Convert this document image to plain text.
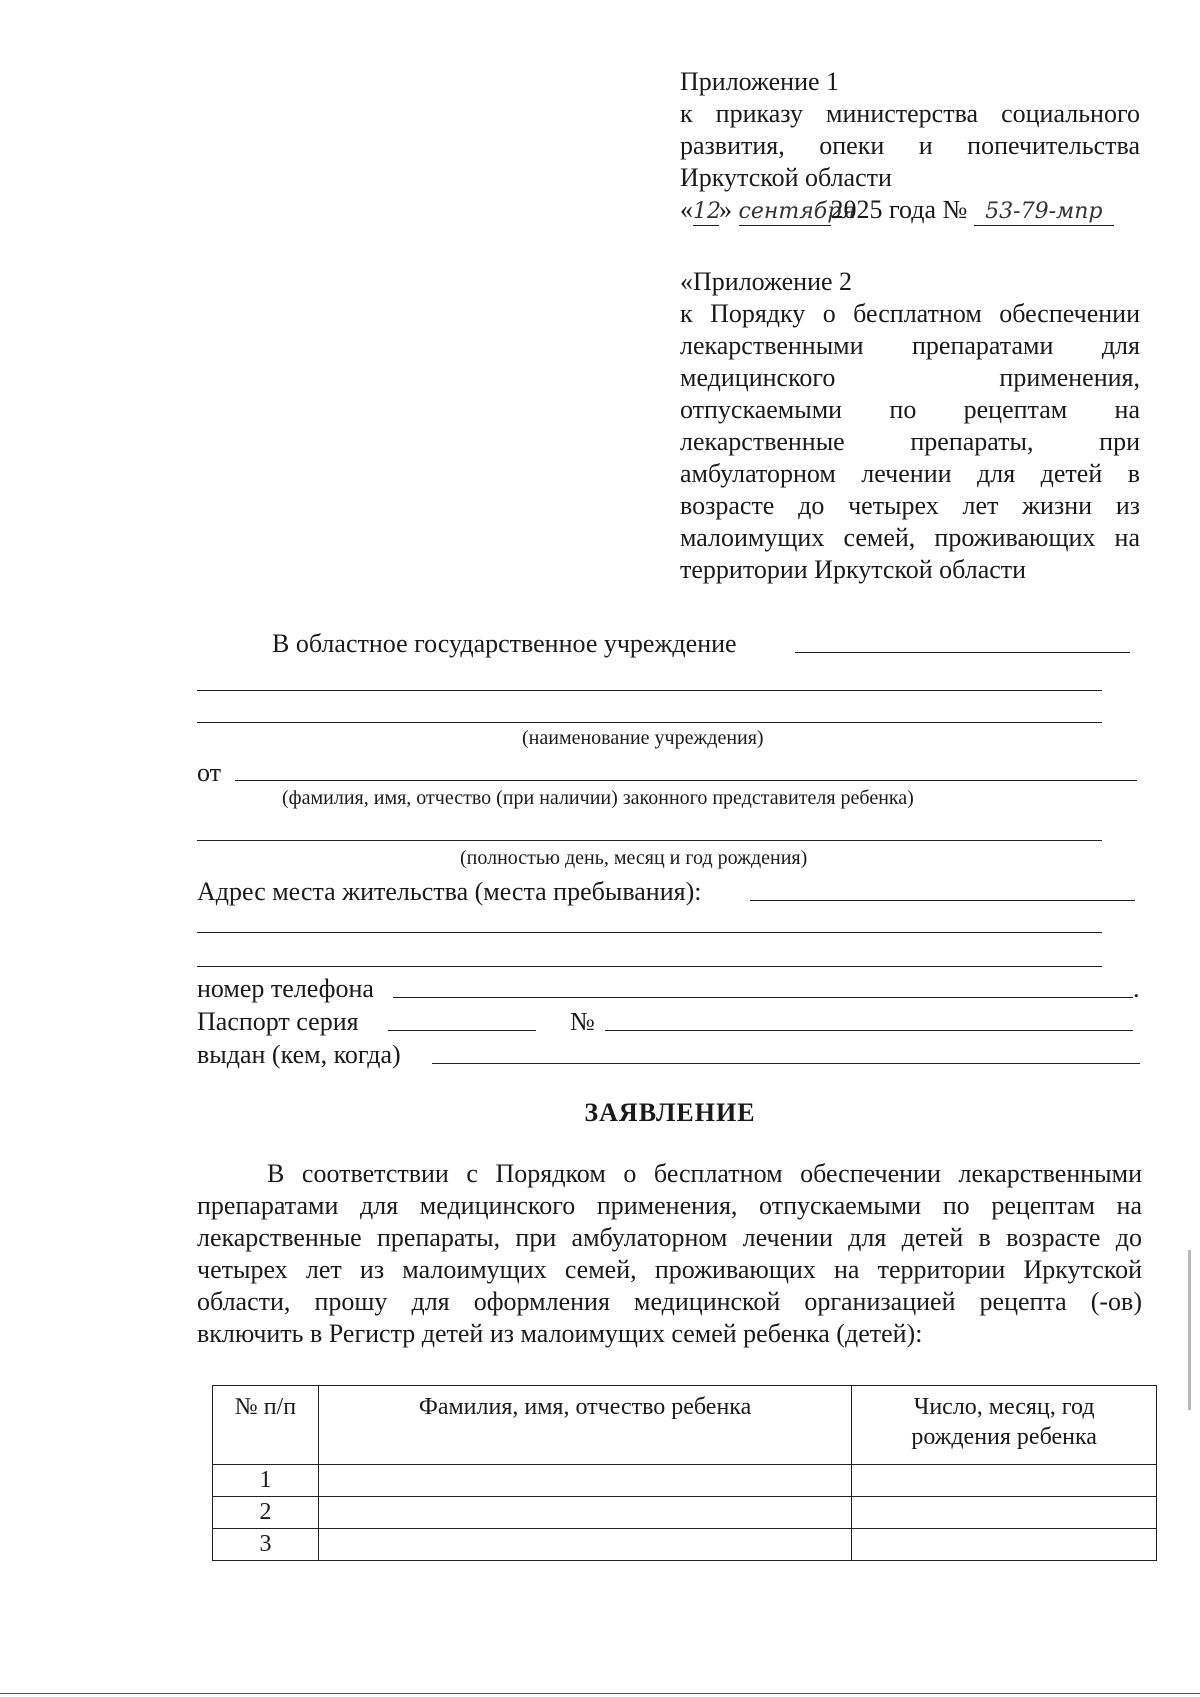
Приложение 1
к приказу министерства социального
развития, опеки и попечительства
Иркутской области
«12» сентября2025 года № 53-79-мпр
«Приложение 2
к Порядку о бесплатном обеспечении
лекарственными препаратами для
медицинского применения,
отпускаемыми по рецептам на
лекарственные препараты, при
амбулаторном лечении для детей в
возрасте до четырех лет жизни из
малоимущих семей, проживающих на
территории Иркутской области
В областное государственное учреждение
(наименование учреждения)
от
(фамилия, имя, отчество (при наличии) законного представителя ребенка)
(полностью день, месяц и год рождения)
Адрес места жительства (места пребывания):
номер телефона	.
Паспорт серия	№
выдан (кем, когда)
ЗАЯВЛЕНИЕ
В соответствии с Порядком о бесплатном обеспечении лекарственными
препаратами для медицинского применения, отпускаемыми по рецептам на
лекарственные препараты, при амбулаторном лечении для детей в возрасте до
четырех лет из малоимущих семей, проживающих на территории Иркутской
области, прошу для оформления медицинской организацией рецепта (-ов)
включить в Регистр детей из малоимущих семей ребенка (детей):
№ п/п	Фамилия, имя, отчество ребенка	Число, месяц, год
рождения ребенка
1		
2		
3		
